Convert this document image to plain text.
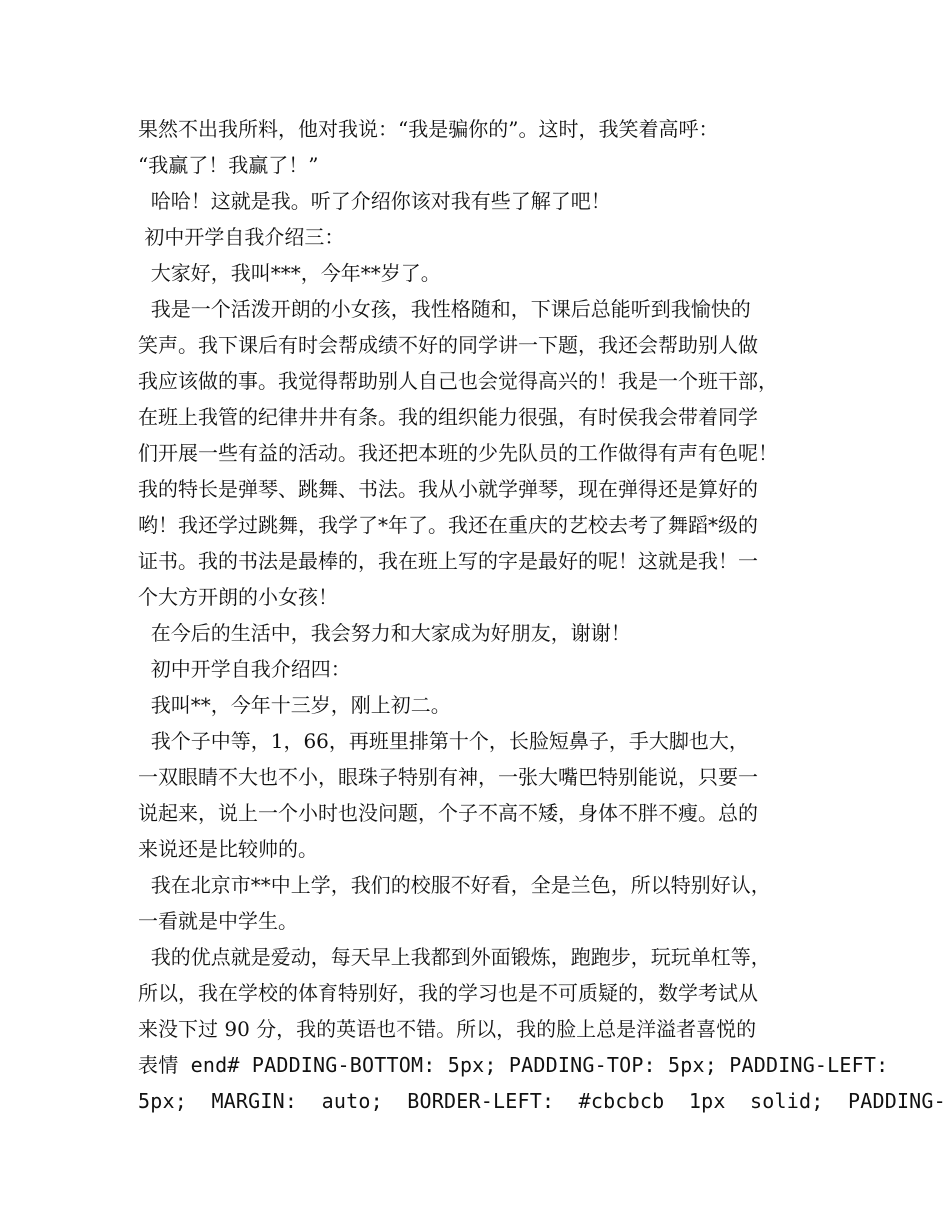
果然不出我所料，他对我说：“我是骗你的”。这时，我笑着高呼：
“我赢了！我赢了！”
哈哈！这就是我。听了介绍你该对我有些了解了吧！
初中开学自我介绍三：
大家好，我叫***，今年**岁了。
我是一个活泼开朗的小女孩，我性格随和，下课后总能听到我愉快的
笑声。我下课后有时会帮成绩不好的同学讲一下题，我还会帮助别人做
我应该做的事。我觉得帮助别人自己也会觉得高兴的！我是一个班干部，
在班上我管的纪律井井有条。我的组织能力很强，有时侯我会带着同学
们开展一些有益的活动。我还把本班的少先队员的工作做得有声有色呢！
我的特长是弹琴、跳舞、书法。我从小就学弹琴，现在弹得还是算好的
哟！我还学过跳舞，我学了*年了。我还在重庆的艺校去考了舞蹈*级的
证书。我的书法是最棒的，我在班上写的字是最好的呢！这就是我！一
个大方开朗的小女孩！
在今后的生活中，我会努力和大家成为好朋友，谢谢！
初中开学自我介绍四：
我叫**，今年十三岁，刚上初二。
我个子中等，1，66，再班里排第十个，长脸短鼻子，手大脚也大，
一双眼睛不大也不小，眼珠子特别有神，一张大嘴巴特别能说，只要一
说起来，说上一个小时也没问题，个子不高不矮，身体不胖不瘦。总的
来说还是比较帅的。
我在北京市**中上学，我们的校服不好看，全是兰色，所以特别好认，
一看就是中学生。
我的优点就是爱动，每天早上我都到外面锻炼，跑跑步，玩玩单杠等，
所以，我在学校的体育特别好，我的学习也是不可质疑的，数学考试从
来没下过 90 分，我的英语也不错。所以，我的脸上总是洋溢者喜悦的
表情 end# PADDING-BOTTOM: 5px; PADDING-TOP: 5px; PADDING-LEFT:
5px;  MARGIN:  auto;  BORDER-LEFT:  #cbcbcb  1px  solid;  PADDING-
